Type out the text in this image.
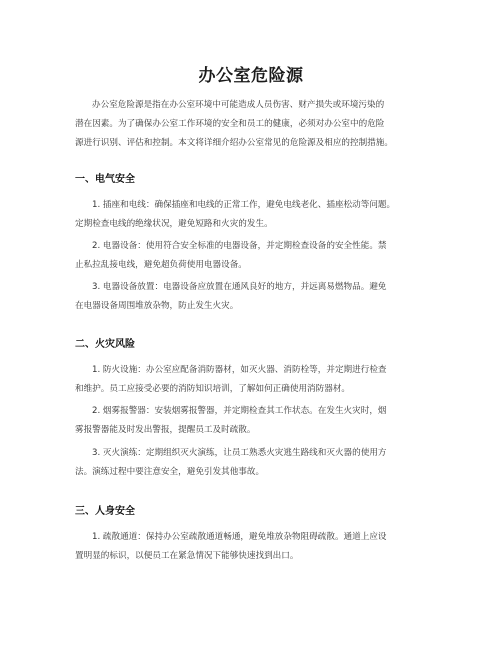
办公室危险源
办公室危险源是指在办公室环境中可能造成人员伤害、财产损失或环境污染的
潜在因素。为了确保办公室工作环境的安全和员工的健康，必须对办公室中的危险
源进行识别、评估和控制。本文将详细介绍办公室常见的危险源及相应的控制措施。
一、电气安全
1. 插座和电线：确保插座和电线的正常工作，避免电线老化、插座松动等问题。
定期检查电线的绝缘状况，避免短路和火灾的发生。
2. 电器设备：使用符合安全标准的电器设备，并定期检查设备的安全性能。禁
止私拉乱接电线，避免超负荷使用电器设备。
3. 电器设备放置：电器设备应放置在通风良好的地方，并远离易燃物品。避免
在电器设备周围堆放杂物，防止发生火灾。
二、火灾风险
1. 防火设施：办公室应配备消防器材，如灭火器、消防栓等，并定期进行检查
和维护。员工应接受必要的消防知识培训，了解如何正确使用消防器材。
2. 烟雾报警器：安装烟雾报警器，并定期检查其工作状态。在发生火灾时，烟
雾报警器能及时发出警报，提醒员工及时疏散。
3. 灭火演练：定期组织灭火演练，让员工熟悉火灾逃生路线和灭火器的使用方
法。演练过程中要注意安全，避免引发其他事故。
三、人身安全
1. 疏散通道：保持办公室疏散通道畅通，避免堆放杂物阻碍疏散。通道上应设
置明显的标识，以便员工在紧急情况下能够快速找到出口。
